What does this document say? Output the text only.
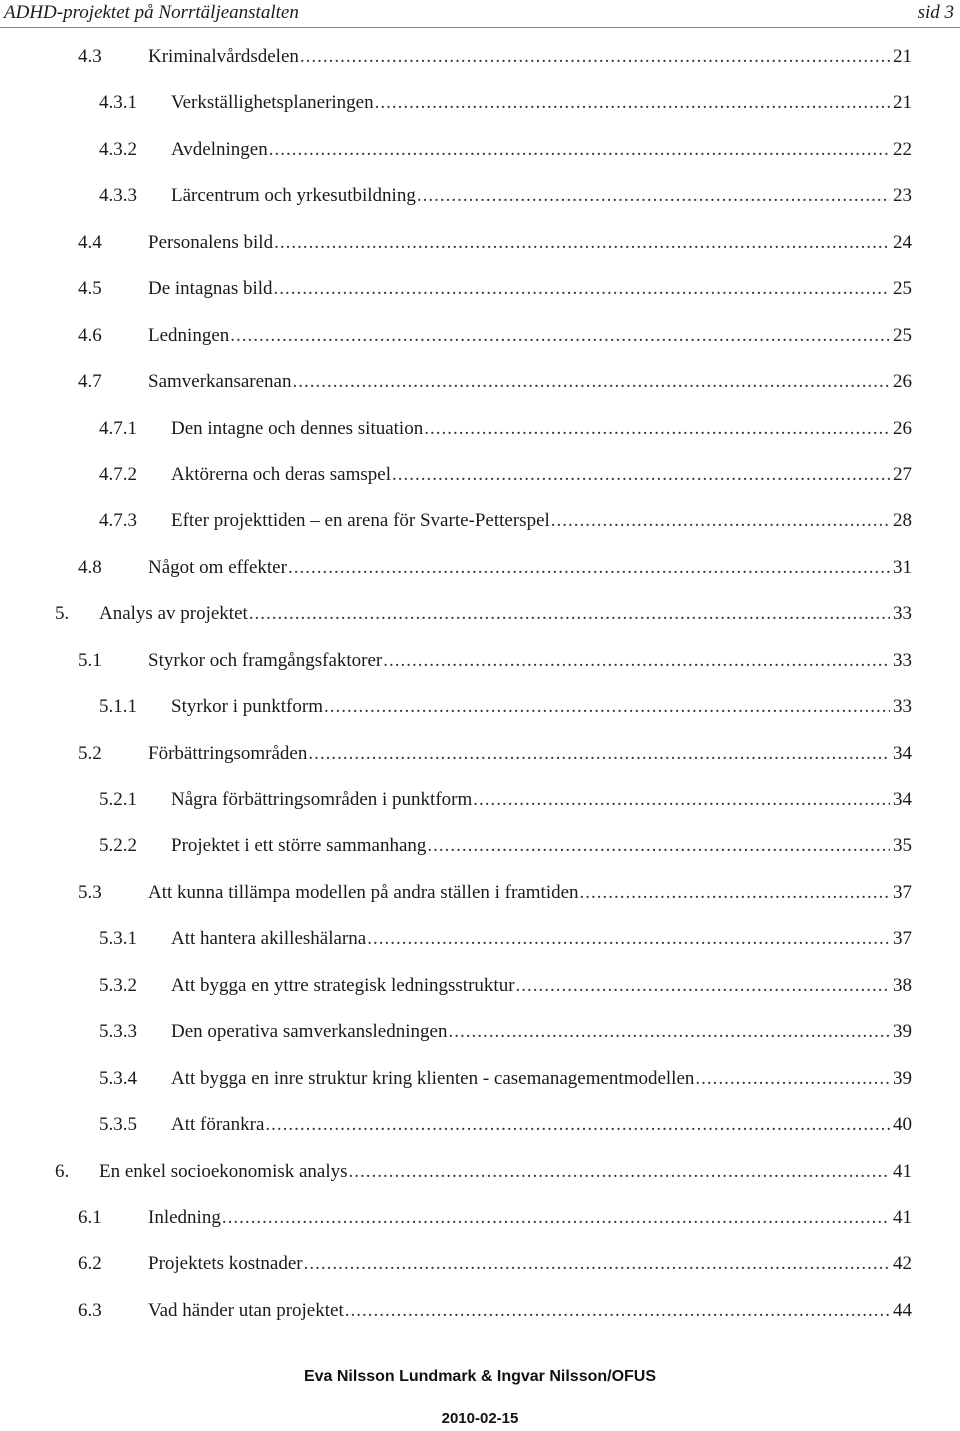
ADHD-projektet på Norrtäljeanstalten	sid 3
4.3 Kriminalvårdsdelen .....	21
4.3.1 Verkställighetsplaneringen .....	21
4.3.2 Avdelningen .....	22
4.3.3 Lärcentrum och yrkesutbildning .....	23
4.4 Personalens bild .....	24
4.5 De intagnas bild .....	25
4.6 Ledningen .....	25
4.7 Samverkansarenan .....	26
4.7.1 Den intagne och dennes situation .....	26
4.7.2 Aktörerna och deras samspel .....	27
4.7.3 Efter projekttiden – en arena för Svarte-Petterspel .....	28
4.8 Något om effekter .....	31
5. Analys av projektet .....	33
5.1 Styrkor och framgångsfaktorer .....	33
5.1.1 Styrkor i punktform .....	33
5.2 Förbättringsområden .....	34
5.2.1 Några förbättringsområden i punktform .....	34
5.2.2 Projektet i ett större sammanhang .....	35
5.3 Att kunna tillämpa modellen på andra ställen i framtiden .....	37
5.3.1 Att hantera akilleshälarna .....	37
5.3.2 Att bygga en yttre strategisk ledningsstruktur .....	38
5.3.3 Den operativa samverkansledningen .....	39
5.3.4 Att bygga en inre struktur kring klienten - casemanagementmodellen .....	39
5.3.5 Att förankra .....	40
6. En enkel socioekonomisk analys .....	41
6.1 Inledning .....	41
6.2 Projektets kostnader .....	42
6.3 Vad händer utan projektet .....	44
Eva Nilsson Lundmark & Ingvar Nilsson/OFUS
2010-02-15
